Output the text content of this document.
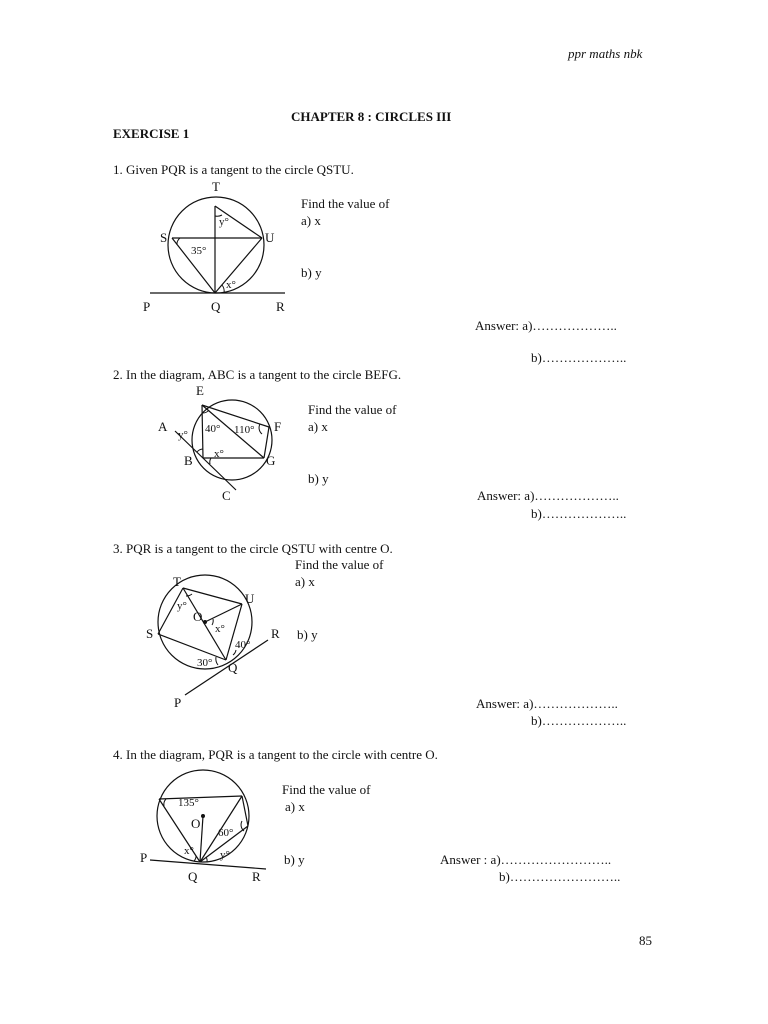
ppr maths nbk
CHAPTER 8 : CIRCLES III
EXERCISE 1
1. Given PQR is a tangent to the circle QSTU.
T
S	U
P	Q	R
35°
y°
x°
Find the value of
a) x
b) y
Answer: a)………………..
b)………………..
2. In the diagram, ABC is a tangent to the circle BEFG.
E
A	F
B	G
C
40° 110°
y°
x°
Find the value of
a) x
b) y
Answer: a)………………..
b)………………..
3. PQR is a tangent to the circle QSTU with centre O.
T
U
S	R
O
Q
P
40°
30°
y°
x°
Find the value of
a) x
b) y
Answer: a)………………..
b)………………..
4. In the diagram, PQR is a tangent to the circle with centre O.
O
P
Q	R
135°
60°
x° y°
Find the value of
a) x
b) y	Answer : a)……………………..
b)……………………..
85
